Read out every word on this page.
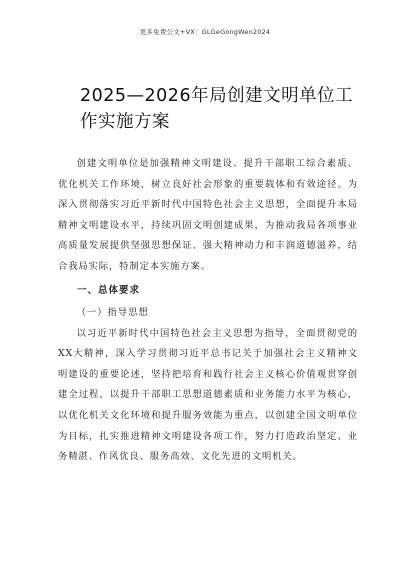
更多免费公文+VX：GLGeGongWen2024
2025—2026年局创建文明单位工作实施方案

创建文明单位是加强精神文明建设、提升干部职工综合素质、优化机关工作环境，树立良好社会形象的重要载体和有效途径。为深入贯彻落实习近平新时代中国特色社会主义思想，全面提升本局精神文明建设水平，持续巩固文明创建成果，为推动我局各项事业高质量发展提供坚强思想保证、强大精神动力和丰润道德滋养，结合我局实际，特制定本实施方案。

一、总体要求
（一）指导思想

以习近平新时代中国特色社会主义思想为指导，全面贯彻党的XX大精神，深入学习贯彻习近平总书记关于加强社会主义精神文明建设的重要论述，坚持把培育和践行社会主义核心价值观贯穿创建全过程，以提升干部职工思想道德素质和业务能力水平为核心，以优化机关文化环境和提升服务效能为重点，以创建全国文明单位为目标，扎实推进精神文明建设各项工作，努力打造政治坚定、业务精湛、作风优良、服务高效、文化先进的文明机关。
